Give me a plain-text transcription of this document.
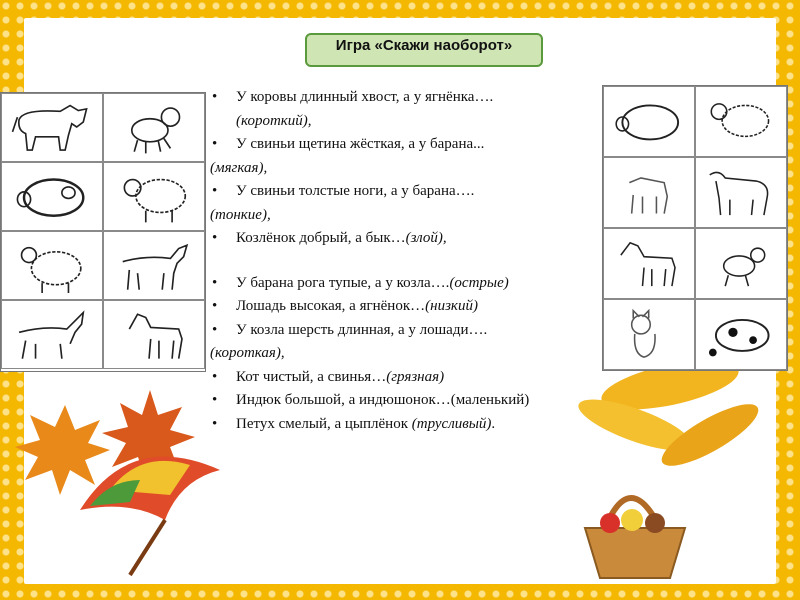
Игра «Скажи наоборот»
• У коровы длинный хвост, а у ягнёнка….
(короткий),
• У свиньи щетина жёсткая, а у барана...
(мягкая),
• У свиньи толстые ноги, а у барана….
(тонкие),
• Козлёнок добрый, а бык…(злой),
• У барана рога тупые, а у козла….(острые)
• Лошадь высокая, а ягнёнок…(низкий)
• У козла шерсть длинная, а у лошади….
(короткая),
• Кот чистый, а свинья…(грязная)
• Индюк большой, а индюшонок…(маленький)
• Петух смелый, а цыплёнок (трусливый).
